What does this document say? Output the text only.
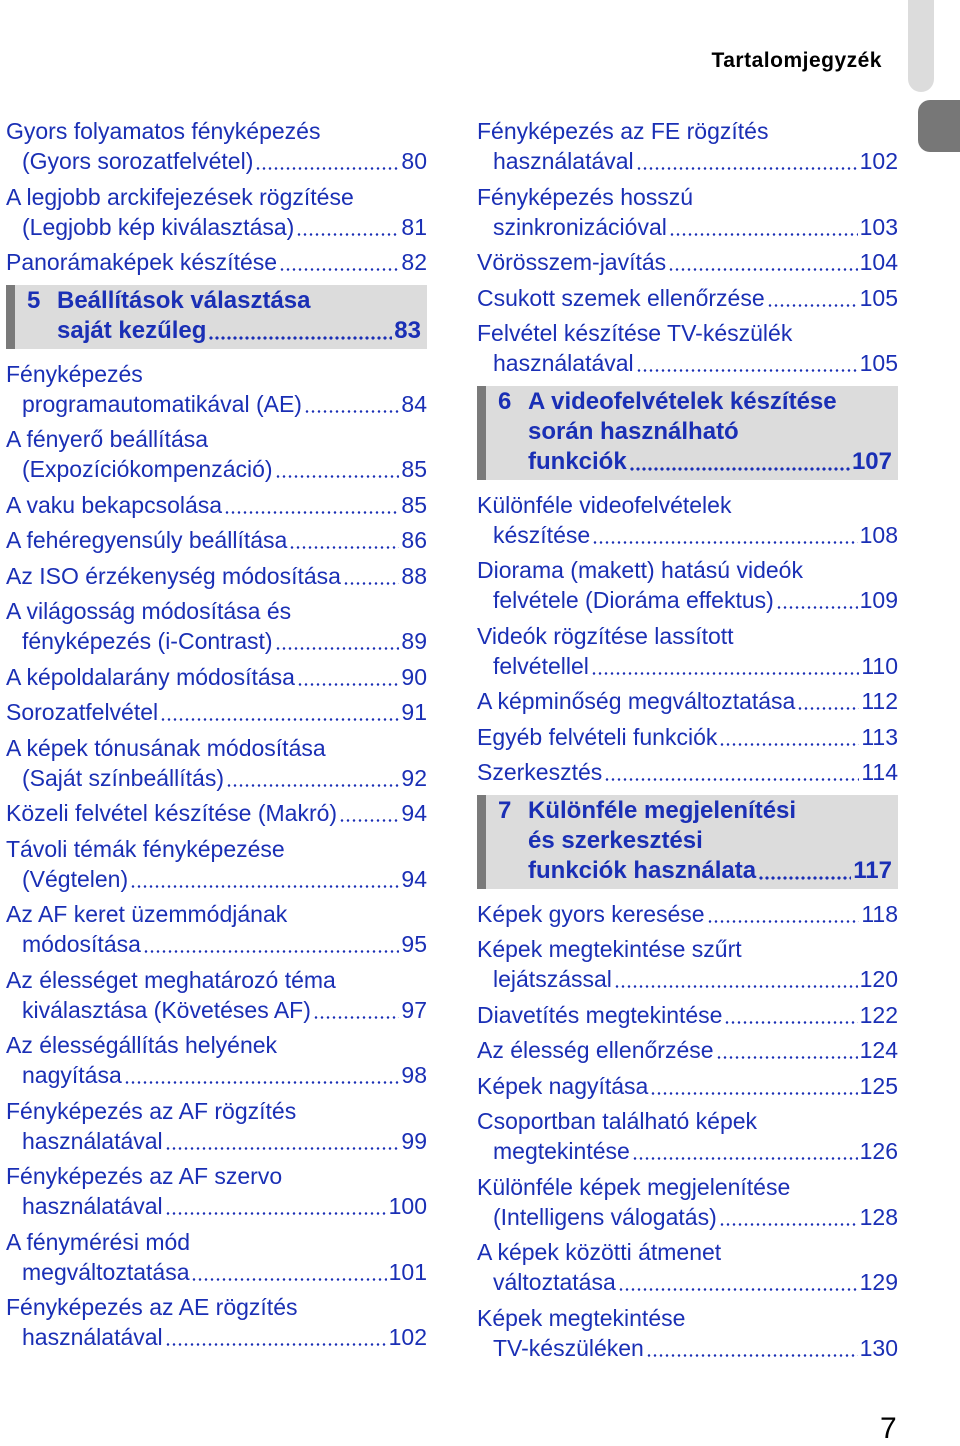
Tartalomjegyzék
Gyors folyamatos fényképezés
(Gyors sorozatfelvétel)	80
A legjobb arckifejezések rögzítése
(Legjobb kép kiválasztása)	81
Panorámaképek készítése	82
5 Beállítások választása
saját kezűleg	83
Fényképezés
programautomatikával (AE)	84
A fényerő beállítása
(Expozíciókompenzáció)	85
A vaku bekapcsolása	85
A fehéregyensúly beállítása	86
Az ISO érzékenység módosítása	88
A világosság módosítása és
fényképezés (i-Contrast)	89
A képoldalarány módosítása	90
Sorozatfelvétel	91
A képek tónusának módosítása
(Saját színbeállítás)	92
Közeli felvétel készítése (Makró)	94
Távoli témák fényképezése
(Végtelen)	94
Az AF keret üzemmódjának
módosítása	95
Az élességet meghatározó téma
kiválasztása (Követéses AF)	97
Az élességállítás helyének
nagyítása	98
Fényképezés az AF rögzítés
használatával	99
Fényképezés az AF szervo
használatával	100
A fénymérési mód
megváltoztatása	101
Fényképezés az AE rögzítés
használatával	102
Fényképezés az FE rögzítés
használatával	102
Fényképezés hosszú
szinkronizációval	103
Vörösszem-javítás	104
Csukott szemek ellenőrzése	105
Felvétel készítése TV-készülék
használatával	105
6 A videofelvételek készítése
során használható
funkciók	107
Különféle videofelvételek
készítése	108
Diorama (makett) hatású videók
felvétele (Dioráma effektus)	109
Videók rögzítése lassított
felvétellel	110
A képminőség megváltoztatása	112
Egyéb felvételi funkciók	113
Szerkesztés	114
7 Különféle megjelenítési
és szerkesztési
funkciók használata	117
Képek gyors keresése	118
Képek megtekintése szűrt
lejátszással	120
Diavetítés megtekintése	122
Az élesség ellenőrzése	124
Képek nagyítása	125
Csoportban található képek
megtekintése	126
Különféle képek megjelenítése
(Intelligens válogatás)	128
A képek közötti átmenet
változtatása	129
Képek megtekintése
TV-készüléken	130
7
